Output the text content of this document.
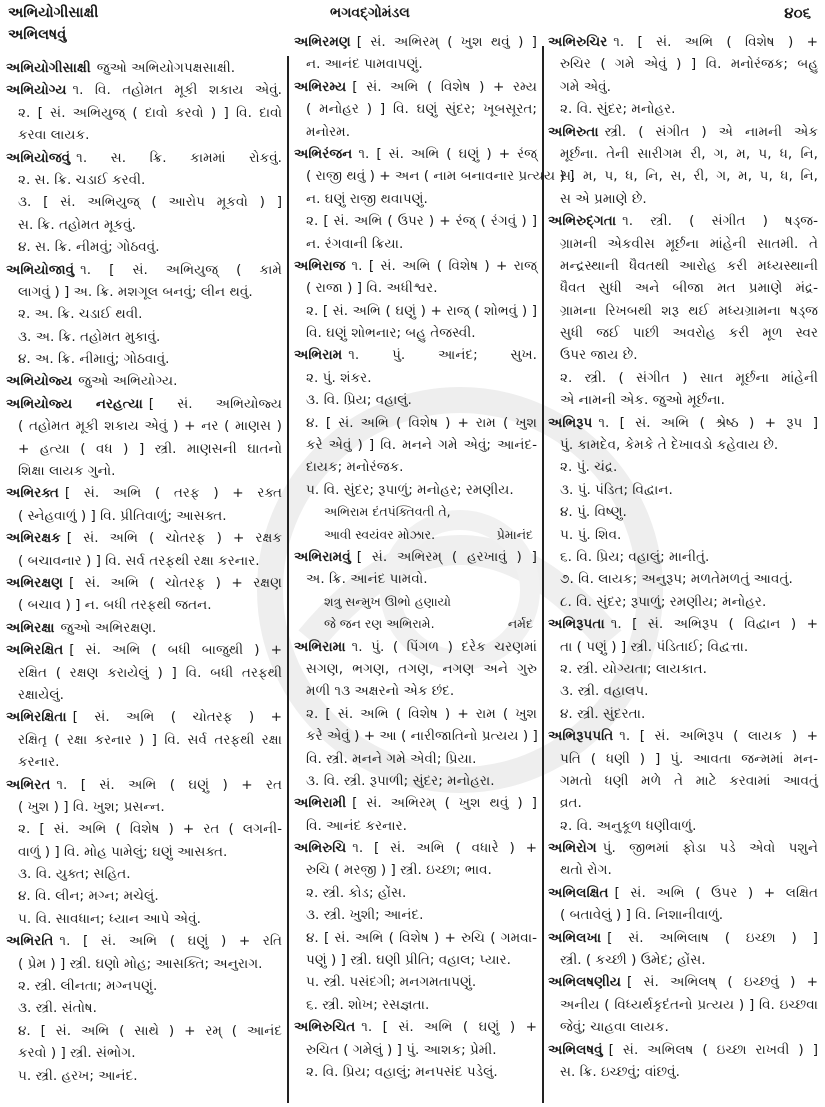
અભિયોગીસાક્ષી
અભિલષવું
ભગવદ્ગોમંડલ	૪૦૬
અભિયોગીસાક્ષી જુઓ અભિયોગપક્ષસાક્ષી.
અભિયોગ્ય ૧. વિ. તહોમત મૂકી શકાય એવું.
૨. [ સં. અભિયુજ્ ( દાવો કરવો ) ] વિ. દાવો
કરવા લાયક.
અભિયોજવું ૧. સ. ક્રિ. કામમાં રોકવું.
૨. સ. ક્રિ. ચડાઈ કરવી.
૩. [ સં. અભિયુજ્ ( આરોપ મૂકવો ) ]
સ. ક્રિ. તહોમત મૂકવું.
૪. સ. ક્રિ. નીમવું; ગોઠવવું.
અભિયોજાવું ૧. [ સં. અભિયુજ્ ( કામે
લાગવું ) ] અ. ક્રિ. મશગૂલ બનવું; લીન થવું.
૨. અ. ક્રિ. ચડાઈ થવી.
૩. અ. ક્રિ. તહોમત મુકાવું.
૪. અ. ક્રિ. નીમાવું; ગોઠવાવું.
અભિયોજ્ય જુઓ અભિયોગ્ય.
અભિયોજ્ય નરહત્યા [ સં. અભિયોજ્ય
( તહોમત મૂકી શકાય એવું ) + નર ( માણસ )
+ હત્યા ( વધ ) ] સ્ત્રી. માણસની ઘાતનો
શિક્ષા લાયક ગુનો.
અભિરક્ત [ સં. અભિ ( તરફ ) + રક્ત
( સ્નેહવાળું ) ] વિ. પ્રીતિવાળું; આસક્ત.
અભિરક્ષક [ સં. અભિ ( ચોતરફ ) + રક્ષક
( બચાવનાર ) ] વિ. સર્વ તરફથી રક્ષા કરનાર.
અભિરક્ષણ [ સં. અભિ ( ચોતરફ ) + રક્ષણ
( બચાવ ) ] ન. બધી તરફથી જતન.
અભિરક્ષા જુઓ અભિરક્ષણ.
અભિરક્ષિત [ સં. અભિ ( બધી બાજુથી ) +
રક્ષિત ( રક્ષણ કરાયેલું ) ] વિ. બધી તરફથી
રક્ષાયેલું.
અભિરક્ષિતા [ સં. અભિ ( ચોતરફ ) +
રક્ષિતૃ ( રક્ષા કરનાર ) ] વિ. સર્વ તરફથી રક્ષા
કરનાર.
અભિરત ૧. [ સં. અભિ ( ઘણું ) + રત
( ખુશ ) ] વિ. ખુશ; પ્રસન્ન.
૨. [ સં. અભિ ( વિશેષ ) + રત ( લગની-
વાળું ) ] વિ. મોહ પામેલું; ઘણું આસક્ત.
૩. વિ. યુક્ત; સહિત.
૪. વિ. લીન; મગ્ન; મચેલું.
૫. વિ. સાવધાન; ધ્યાન આપે એવું.
અભિરતિ ૧. [ સં. અભિ ( ઘણું ) + રતિ
( પ્રેમ ) ] સ્ત્રી. ઘણો મોહ; આસક્તિ; અનુરાગ.
૨. સ્ત્રી. લીનતા; મગ્નપણું.
૩. સ્ત્રી. સંતોષ.
૪. [ સં. અભિ ( સાથે ) + રમ્ ( આનંદ
કરવો ) ] સ્ત્રી. સંભોગ.
૫. સ્ત્રી. હરખ; આનંદ.
અભિરમણ [ સં. અભિરમ્ ( ખુશ થવું ) ]
ન. આનંદ પામવાપણું.
અભિરમ્ય [ સં. અભિ ( વિશેષ ) + રમ્ય
( મનોહર ) ] વિ. ઘણું સુંદર; ખૂબસૂરત;
મનોરમ.
અભિરંજન ૧. [ સં. અભિ ( ઘણું ) + રંજ્
( રાજી થવું ) + અન ( નામ બનાવનાર પ્રત્યય ) ]
ન. ઘણું રાજી થવાપણું.
૨. [ સં. અભિ ( ઉપર ) + રંજ્ ( રંગવું ) ]
ન. રંગવાની ક્રિયા.
અભિરાજ ૧. [ સં. અભિ ( વિશેષ ) + રાજ્
( રાજા ) ] વિ. અધીશ્વર.
૨. [ સં. અભિ ( ઘણું ) + રાજ્ ( શોભવું ) ]
વિ. ઘણું શોભનાર; બહુ તેજસ્વી.
અભિરામ ૧. પું. આનંદ; સુખ.
૨. પું. શંકર.
૩. વિ. પ્રિય; વહાલું.
૪. [ સં. અભિ ( વિશેષ ) + રામ ( ખુશ
કરે એવું ) ] વિ. મનને ગમે એવું; આનંદ-
દાયક; મનોરંજક.
૫. વિ. સુંદર; રૂપાળું; મનોહર; રમણીય.
અભિરામ દંતપંક્તિવતી તે,
આવી સ્વયંવર મોઝાર.	પ્રેમાનંદ
અભિરામવું [ સં. અભિરમ્ ( હરખાવું ) ]
અ. ક્રિ. આનંદ પામવો.
શત્રુ સન્મુખ ઊભો હણાયો
જે જન રણ અભિરામે.	નર્મદ
અભિરામા ૧. પું. ( પિંગળ ) દરેક ચરણમાં
સગણ, ભગણ, તગણ, નગણ અને ગુરુ
મળી ૧૩ અક્ષરનો એક છંદ.
૨. [ સં. અભિ ( વિશેષ ) + રામ ( ખુશ
કરે એવું ) + આ ( નારીજાતિનો પ્રત્યય ) ]
વિ. સ્ત્રી. મનને ગમે એવી; પ્રિયા.
૩. વિ. સ્ત્રી. રૂપાળી; સુંદર; મનોહરા.
અભિરામી [ સં. અભિરમ્ ( ખુશ થવું ) ]
વિ. આનંદ કરનાર.
અભિરુચિ ૧. [ સં. અભિ ( વધારે ) +
રુચિ ( મરજી ) ] સ્ત્રી. ઇચ્છા; ભાવ.
૨. સ્ત્રી. કોડ; હોંસ.
૩. સ્ત્રી. ખુશી; આનંદ.
૪. [ સં. અભિ ( વિશેષ ) + રુચિ ( ગમવા-
પણું ) ] સ્ત્રી. ઘણી પ્રીતિ; વહાલ; પ્યાર.
૫. સ્ત્રી. પસંદગી; મનગમતાપણું.
૬. સ્ત્રી. શોખ; રસજ્ઞતા.
અભિરુચિત ૧. [ સં. અભિ ( ઘણું ) +
રુચિત ( ગમેલું ) ] પું. આશક; પ્રેમી.
૨. વિ. પ્રિય; વહાલું; મનપસંદ પડેલું.
અભિરુચિર ૧. [ સં. અભિ ( વિશેષ ) +
રુચિર ( ગમે એવું ) ] વિ. મનોરંજક; બહુ
ગમે એવું.
૨. વિ. સુંદર; મનોહર.
અભિરુતા સ્ત્રી. ( સંગીત ) એ નામની એક
મૂર્છના. તેની સારીગમ રી, ગ, મ, પ, ધ, નિ,
સ, મ, પ, ધ, નિ, સ, રી, ગ, મ, પ, ધ, નિ,
સ એ પ્રમાણે છે.
અભિરુદ્ગતા ૧. સ્ત્રી. ( સંગીત ) ષડ્જ-
ગ્રામની એકવીસ મૂર્છના માંહેની સાતમી. તે
મન્દ્રસ્થાની ધૈવતથી આરોહ કરી મધ્યસ્થાની
ધૈવત સુધી અને બીજા મત પ્રમાણે મંદ્ર-
ગ્રામના રિખબથી શરૂ થઈ મધ્યગ્રામના ષડ્જ
સુધી જઈ પાછી અવરોહ કરી મૂળ સ્વર
ઉપર જાય છે.
૨. સ્ત્રી. ( સંગીત ) સાત મૂર્છના માંહેની
એ નામની એક. જુઓ મૂર્છના.
અભિરૂપ ૧. [ સં. અભિ ( શ્રેષ્ઠ ) + રૂપ ]
પું. કામદેવ, કેમકે તે દેખાવડો કહેવાય છે.
૨. પું. ચંદ્ર.
૩. પું. પંડિત; વિદ્વાન.
૪. પું. વિષ્ણુ.
૫. પું. શિવ.
૬. વિ. પ્રિય; વહાલું; માનીતું.
૭. વિ. લાયક; અનુરૂપ; મળતેમળતું આવતું.
૮. વિ. સુંદર; રૂપાળું; રમણીય; મનોહર.
અભિરૂપતા ૧. [ સં. અભિરૂપ ( વિદ્વાન ) +
તા ( પણું ) ] સ્ત્રી. પંડિતાઈ; વિદ્વત્તા.
૨. સ્ત્રી. યોગ્યતા; લાયકાત.
૩. સ્ત્રી. વહાલપ.
૪. સ્ત્રી. સુંદરતા.
અભિરૂપપતિ ૧. [ સં. અભિરૂપ ( લાયક ) +
પતિ ( ધણી ) ] પું. આવતા જન્મમાં મન-
ગમતો ધણી મળે તે માટે કરવામાં આવતું
વ્રત.
૨. વિ. અનુકૂળ ધણીવાળું.
અભિરોગ પું. જીભમાં ફોડા પડે એવો પશુને
થતો રોગ.
અભિલક્ષિત [ સં. અભિ ( ઉપર ) + લક્ષિત
( બતાવેલું ) ] વિ. નિશાનીવાળું.
અભિલખા [ સં. અભિલાષ ( ઇચ્છા ) ]
સ્ત્રી. ( કચ્છી ) ઉમેદ; હોંસ.
અભિલષણીય [ સં. અભિલષ્ ( ઇચ્છવું ) +
અનીય ( વિધ્યર્થકૃદંતનો પ્રત્યય ) ] વિ. ઇચ્છવા
જેવું; ચાહવા લાયક.
અભિલષવું [ સં. અભિલષ ( ઇચ્છા રાખવી ) ]
સ. ક્રિ. ઇચ્છવું; વાંછવું.
